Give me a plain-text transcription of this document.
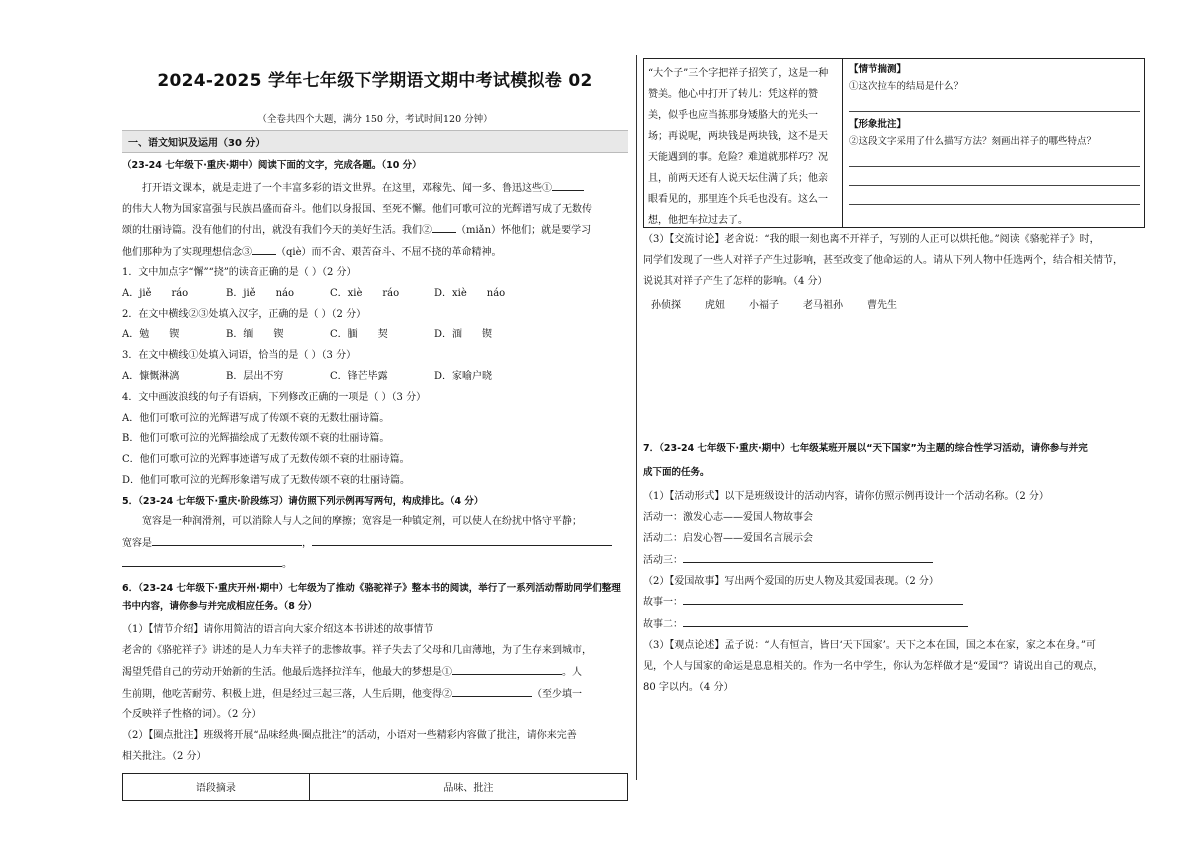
2024-2025 学年七年级下学期语文期中考试模拟卷 02
（全卷共四个大题，满分 150 分，考试时间120 分钟）
一、语文知识及运用（30 分）
（23-24 七年级下·重庆·期中）阅读下面的文字，完成各题。（10 分）
打开语文课本，就是走进了一个丰富多彩的语文世界。在这里，邓稼先、闻一多、鲁迅这些①
的伟大人物为国家富强与民族昌盛而奋斗。他们以身报国、至死不懈。他们可歌可泣的光辉谱写成了无数传
颂的壮丽诗篇。没有他们的付出，就没有我们今天的美好生活。我们② （miǎn）怀他们；就是要学习
他们那种为了实现理想信念③ （qiè）而不舍、艰苦奋斗、不屈不挠的革命精神。
1．文中加点字“懈”“挠”的读音正确的是（ ）（2 分）
A．jiě　　ráo	B．jiě　　náo	C．xiè　　ráo	D．xiè　　náo
2．在文中横线②③处填入汉字，正确的是（ ）（2 分）
A．勉　　锲	B．缅　　锲	C．腼　　契	D．湎　　锲
3．在文中横线①处填入词语，恰当的是（ ）（3 分）
A．慷慨淋漓	B．层出不穷	C．锋芒毕露	D．家喻户晓
4．文中画波浪线的句子有语病，下列修改正确的一项是（ ）（3 分）
A．他们可歌可泣的光辉谱写成了传颂不衰的无数壮丽诗篇。
B．他们可歌可泣的光辉描绘成了无数传颂不衰的壮丽诗篇。
C．他们可歌可泣的光辉事迹谱写成了无数传颂不衰的壮丽诗篇。
D．他们可歌可泣的光辉形象谱写成了无数传颂不衰的壮丽诗篇。
5．（23-24 七年级下·重庆·阶段练习）请仿照下列示例再写两句，构成排比。（4 分）
宽容是一种润滑剂，可以消除人与人之间的摩擦；宽容是一种镇定剂，可以使人在纷扰中恪守平静；
宽容是	，
。
6．（23-24 七年级下·重庆开州·期中）七年级为了推动《骆驼祥子》整本书的阅读，举行了一系列活动帮助同学们整理书中内容，请你参与并完成相应任务。（8 分）
（1）【情节介绍】请你用简洁的语言向大家介绍这本书讲述的故事情节
老舍的《骆驼祥子》讲述的是人力车夫祥子的悲惨故事。祥子失去了父母和几亩薄地，为了生存来到城市，
渴望凭借自己的劳动开始新的生活。他最后选择拉洋车，他最大的梦想是①	。人
生前期，他吃苦耐劳、积极上进，但是经过三起三落，人生后期，他变得②	（至少填一
个反映祥子性格的词）。（2 分）
（2）【圈点批注】班级将开展“品味经典·圈点批注”的活动，小语对一些精彩内容做了批注，请你来完善
相关批注。（2 分）
语段摘录	品味、批注
“大个子”三个字把祥子招笑了，这是一种赞美。他心中打开了转儿：凭这样的赞美，似乎也应当拣那身矮胳大的光头一场；再说呢，两块钱是两块钱，这不是天天能遇到的事。危险？难道就那样巧？况且，前两天还有人说天坛住满了兵；他亲眼看见的，那里连个兵毛也没有。这么一想，他把车拉过去了。
【情节揣测】
①这次拉车的结局是什么？
【形象批注】
②这段文字采用了什么描写方法？刻画出祥子的哪些特点？
（3）【交流讨论】老舍说：“我的眼一刻也离不开祥子，写别的人正可以烘托他。”阅读《骆驼祥子》时，
同学们发现了一些人对祥子产生过影响，甚至改变了他命运的人。请从下列人物中任选两个，结合相关情节，
说说其对祥子产生了怎样的影响。（4 分）
孙侦探 虎妞 小福子 老马祖孙 曹先生
7．（23-24 七年级下·重庆·期中）七年级某班开展以“天下国家”为主题的综合性学习活动，请你参与并完
成下面的任务。
（1）【活动形式】以下是班级设计的活动内容，请你仿照示例再设计一个活动名称。（2 分）
活动一：激发心志——爱国人物故事会
活动二：启发心智——爱国名言展示会
活动三：
（2）【爱国故事】写出两个爱国的历史人物及其爱国表现。（2 分）
故事一：
故事二：
（3）【观点论述】孟子说：“人有恒言，皆曰‘天下国家’。天下之本在国，国之本在家，家之本在身。”可
见，个人与国家的命运是息息相关的。作为一名中学生，你认为怎样做才是“爱国”？请说出自己的观点，
80 字以内。（4 分）
